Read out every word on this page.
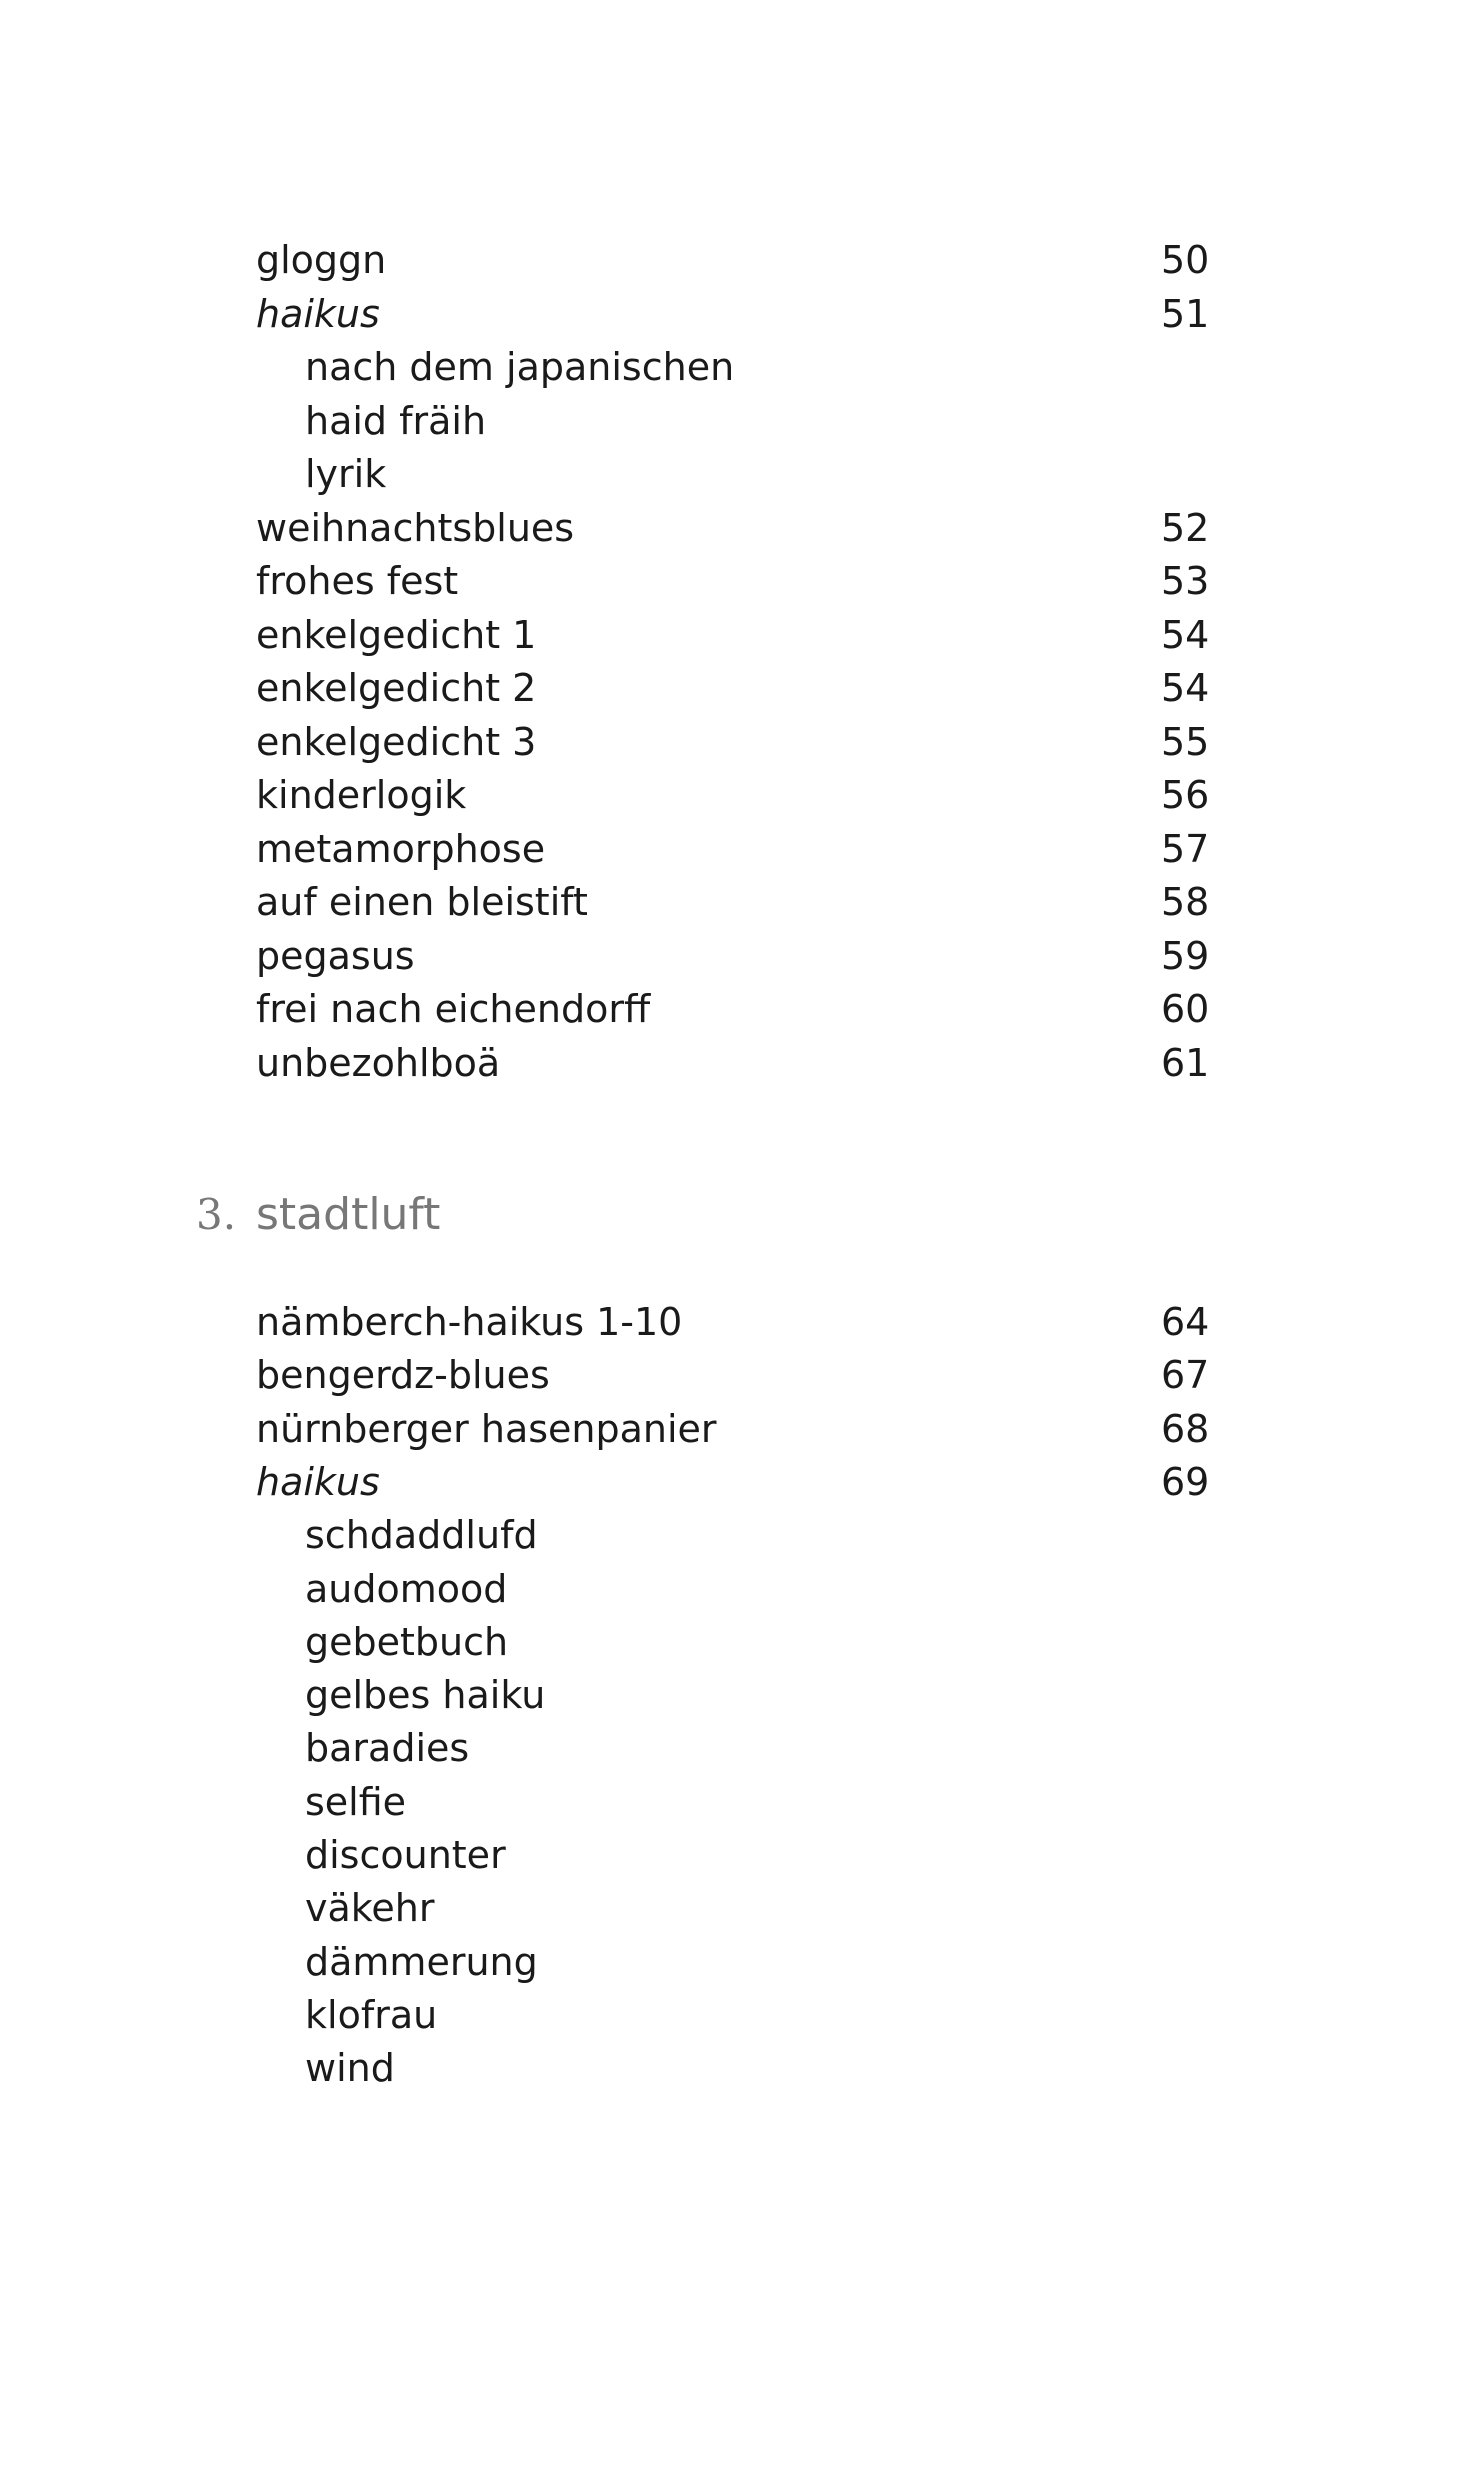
gloggn	50
haikus	51
nach dem japanischen
haid fräih
lyrik
weihnachtsblues	52
frohes fest	53
enkelgedicht 1	54
enkelgedicht 2	54
enkelgedicht 3	55
kinderlogik	56
metamorphose	57
auf einen bleistift	58
pegasus	59
frei nach eichendorff	60
unbezohlboä	61
3. stadtluft
nämberch-haikus 1-10	64
bengerdz-blues	67
nürnberger hasenpanier	68
haikus	69
schdaddlufd
audomood
gebetbuch
gelbes haiku
baradies
selfie
discounter
väkehr
dämmerung
klofrau
wind
